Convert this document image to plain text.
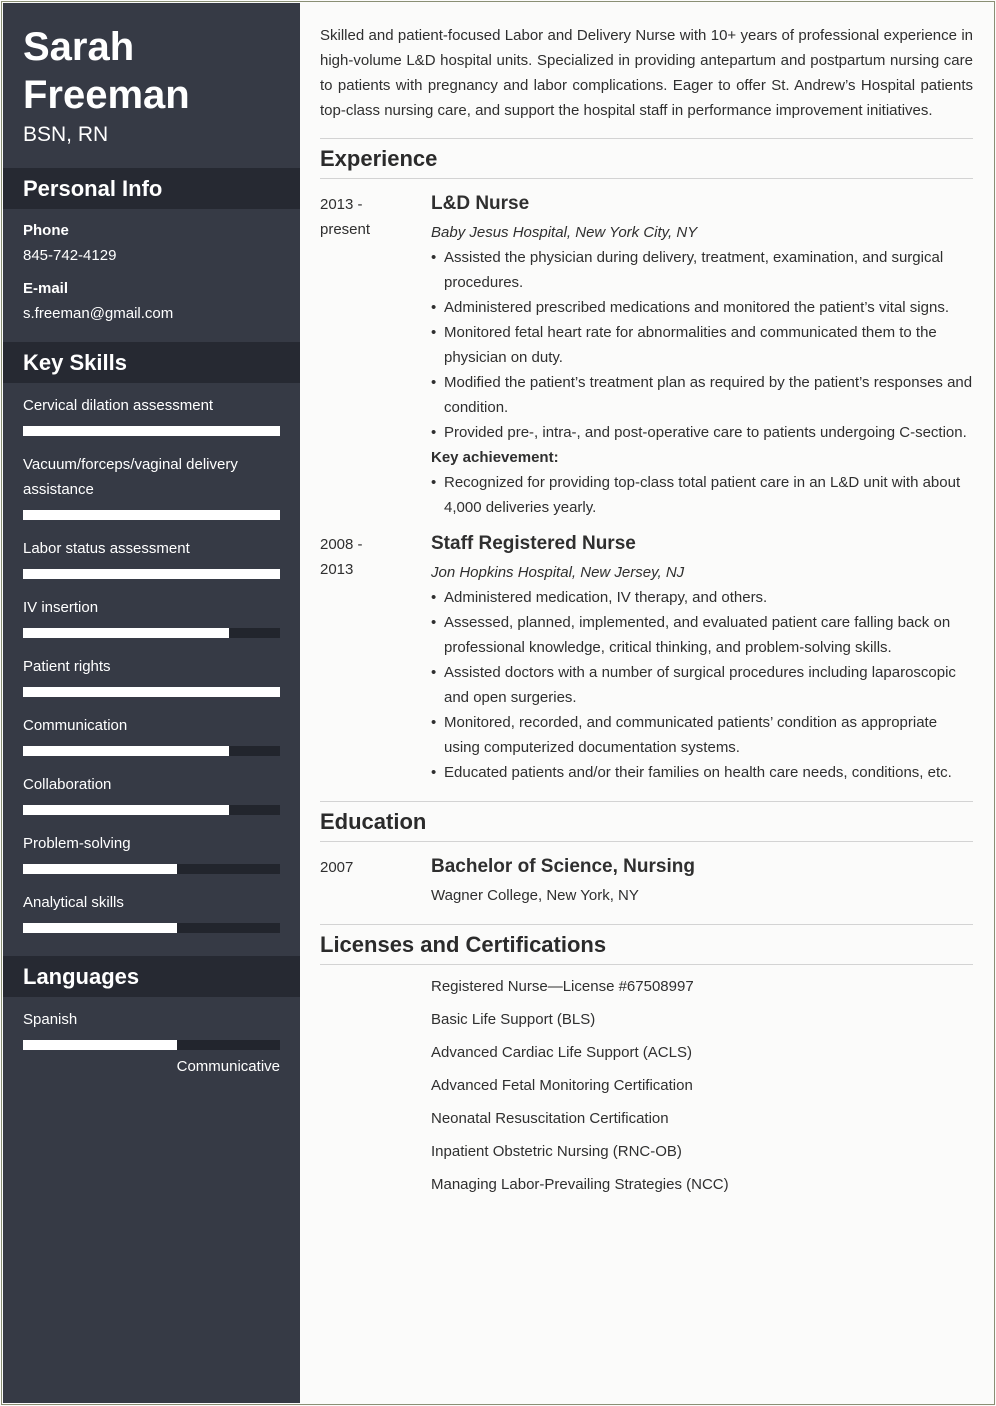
Sarah
Freeman
BSN, RN
Personal Info
Phone
845-742-4129
E-mail
s.freeman@gmail.com
Key Skills
Cervical dilation assessment
Vacuum/forceps/vaginal delivery assistance
Labor status assessment
IV insertion
Patient rights
Communication
Collaboration
Problem-solving
Analytical skills
Languages
Spanish
Communicative

Skilled and patient-focused Labor and Delivery Nurse with 10+ years of professional experience in high-volume L&D hospital units. Specialized in providing antepartum and postpartum nursing care to patients with pregnancy and labor complications. Eager to offer St. Andrew’s Hospital patients top-class nursing care, and support the hospital staff in performance improvement initiatives.

Experience
2013 -
present
L&D Nurse
Baby Jesus Hospital, New York City, NY
• Assisted the physician during delivery, treatment, examination, and surgical procedures.
• Administered prescribed medications and monitored the patient’s vital signs.
• Monitored fetal heart rate for abnormalities and communicated them to the physician on duty.
• Modified the patient’s treatment plan as required by the patient’s responses and condition.
• Provided pre-, intra-, and post-operative care to patients undergoing C-section.
Key achievement:
• Recognized for providing top-class total patient care in an L&D unit with about 4,000 deliveries yearly.
2008 -
2013
Staff Registered Nurse
Jon Hopkins Hospital, New Jersey, NJ
• Administered medication, IV therapy, and others.
• Assessed, planned, implemented, and evaluated patient care falling back on professional knowledge, critical thinking, and problem-solving skills.
• Assisted doctors with a number of surgical procedures including laparoscopic and open surgeries.
• Monitored, recorded, and communicated patients’ condition as appropriate using computerized documentation systems.
• Educated patients and/or their families on health care needs, conditions, etc.
Education
2007	Bachelor of Science, Nursing
Wagner College, New York, NY
Licenses and Certifications
Registered Nurse—License #67508997
Basic Life Support (BLS)
Advanced Cardiac Life Support (ACLS)
Advanced Fetal Monitoring Certification
Neonatal Resuscitation Certification
Inpatient Obstetric Nursing (RNC-OB)
Managing Labor-Prevailing Strategies (NCC)
